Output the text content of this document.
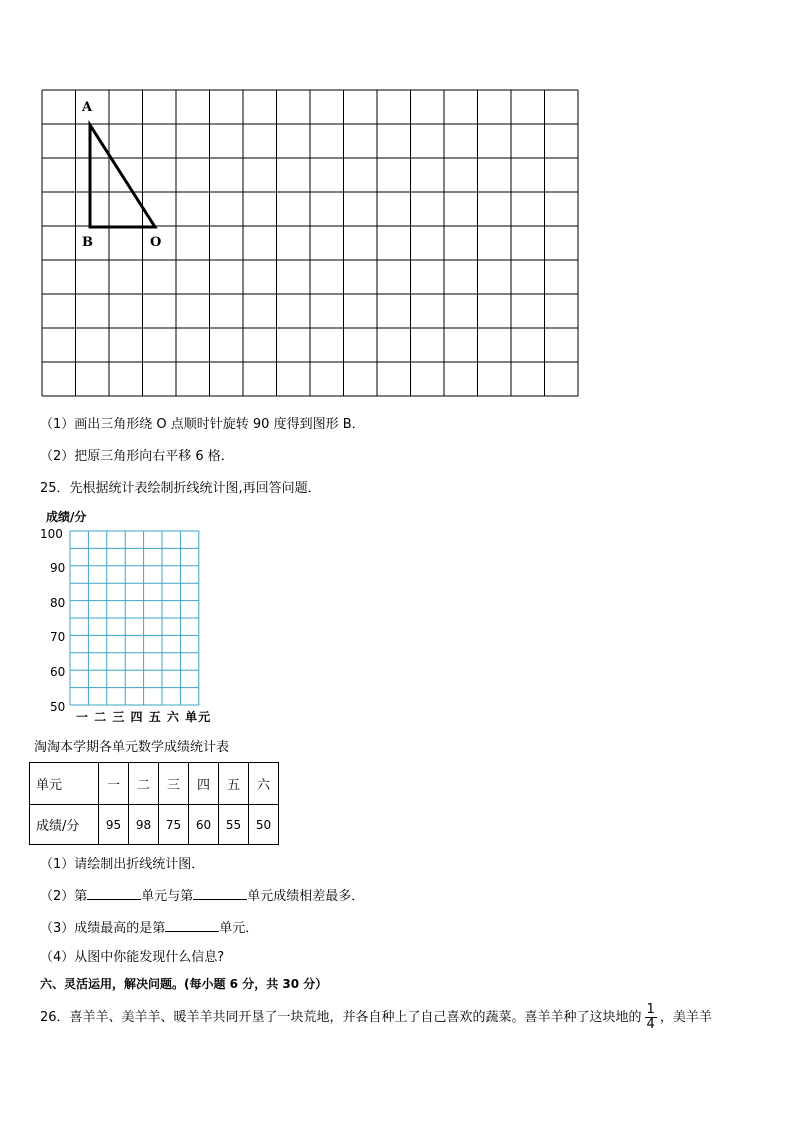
A
B	O
（1）画出三角形绕 O 点顺时针旋转 90 度得到图形 B．
（2）把原三角形向右平移 6 格．
25．先根据统计表绘制折线统计图,再回答问题．
成绩/分
100
90
80
70
60
50
一 二 三 四 五 六 单元
淘淘本学期各单元数学成绩统计表
单元	一	二	三	四	五	六
成绩/分	95	98	75	60	55	50
（1）请绘制出折线统计图．
（2）第	单元与第	单元成绩相差最多．
（3）成绩最高的是第	单元．
（4）从图中你能发现什么信息?
六、灵活运用，解决问题。(每小题 6 分，共 30 分）
26．喜羊羊、美羊羊、暖羊羊共同开垦了一块荒地，并各自种上了自己喜欢的蔬菜。喜羊羊种了这块地的 $\frac{1}{4}$ ，美羊羊
